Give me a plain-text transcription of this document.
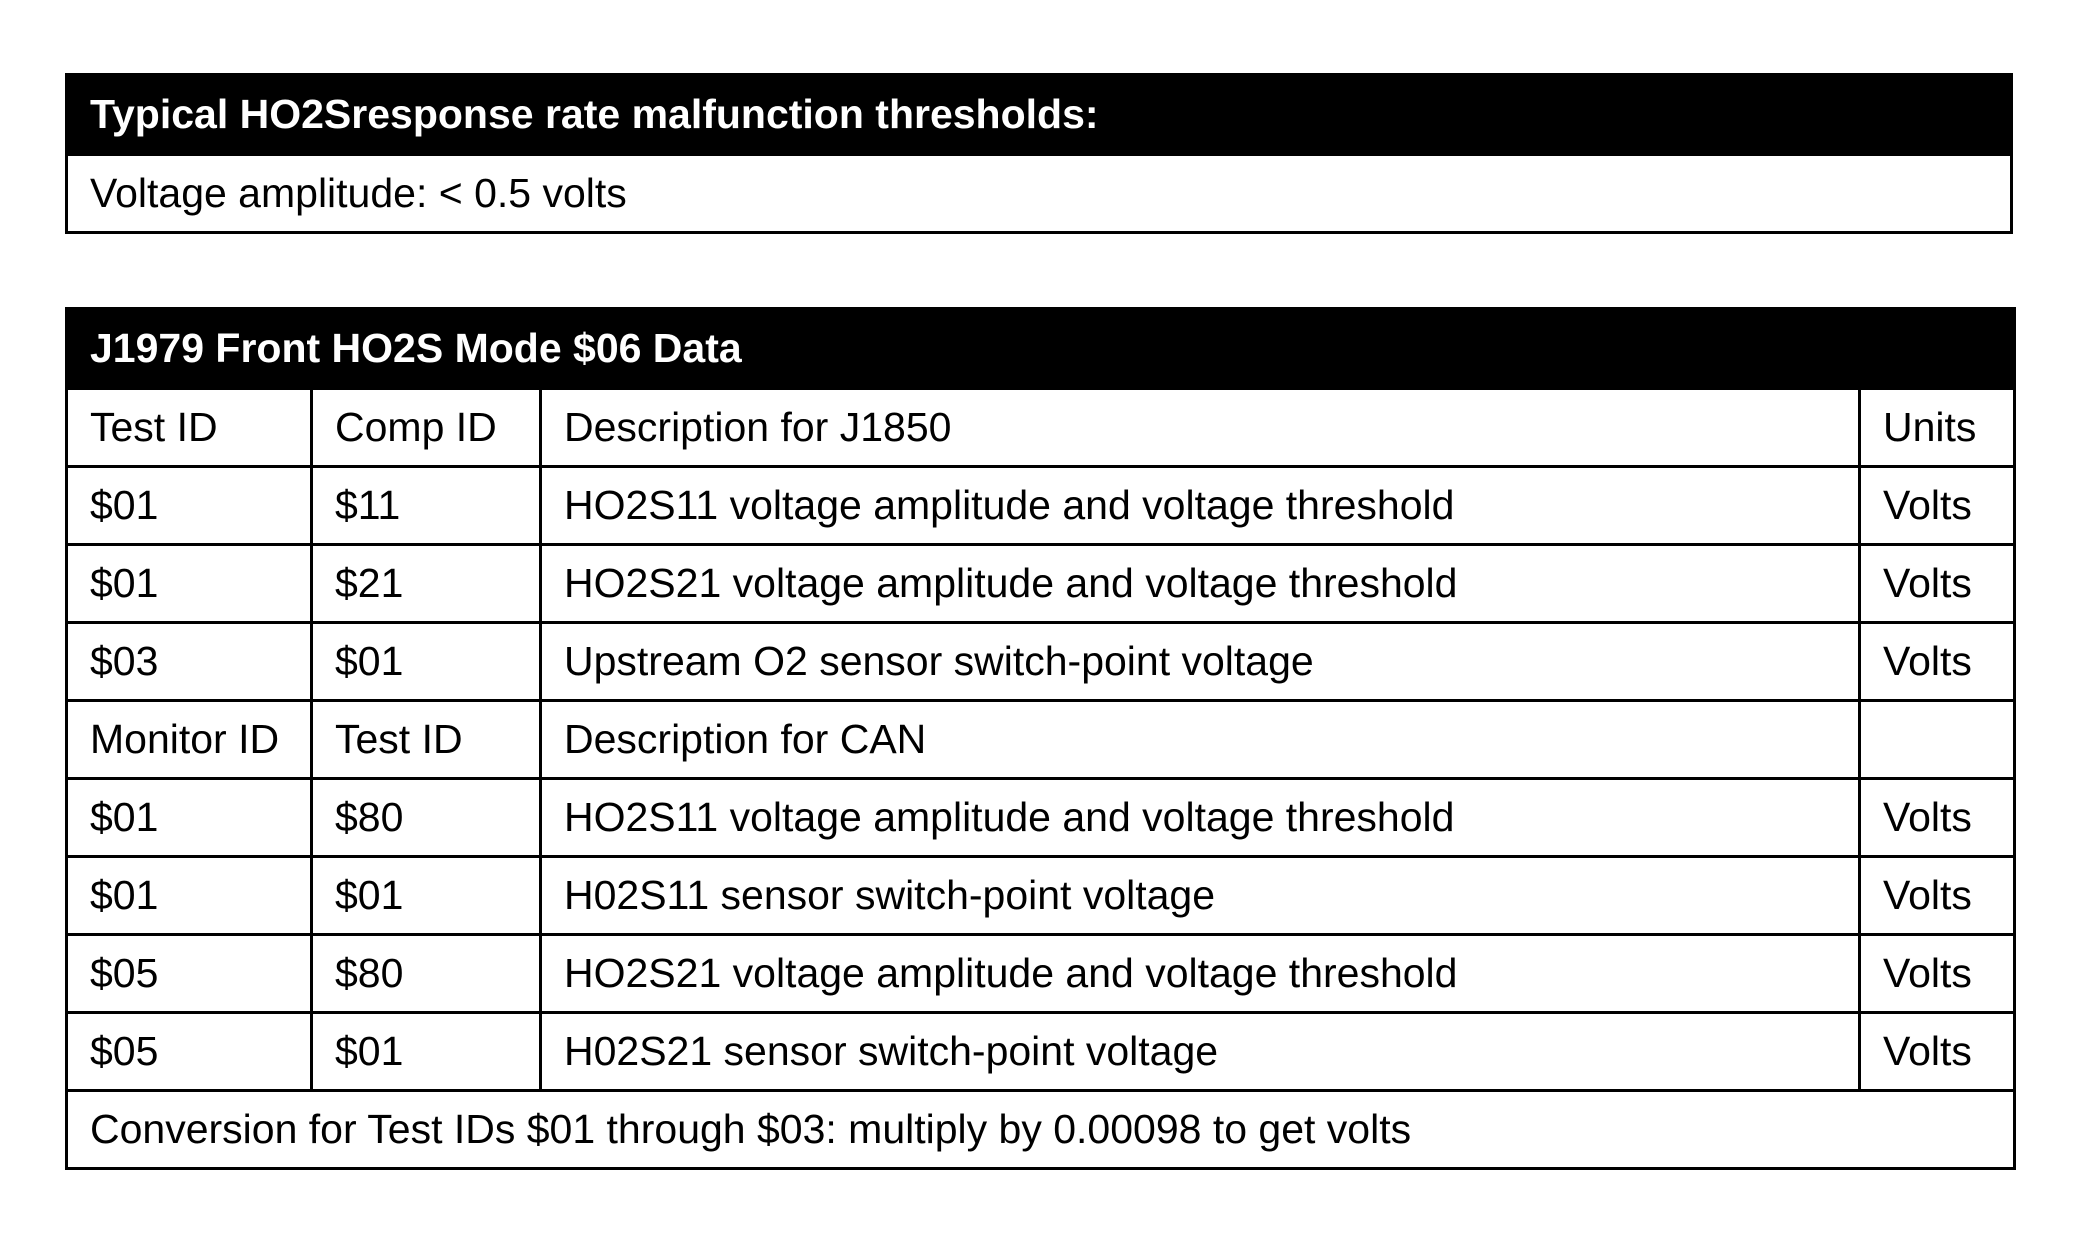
Typical HO2Sresponse rate malfunction thresholds:
Voltage amplitude: < 0.5 volts
J1979 Front HO2S Mode $06 Data			
Test ID	Comp ID	Description for J1850	Units
$01	$11	HO2S11 voltage amplitude and voltage threshold	Volts
$01	$21	HO2S21 voltage amplitude and voltage threshold	Volts
$03	$01	Upstream O2 sensor switch-point voltage	Volts
Monitor ID	Test ID	Description for CAN	
$01	$80	HO2S11 voltage amplitude and voltage threshold	Volts
$01	$01	H02S11 sensor switch-point voltage	Volts
$05	$80	HO2S21 voltage amplitude and voltage threshold	Volts
$05	$01	H02S21 sensor switch-point voltage	Volts
Conversion for Test IDs $01 through $03: multiply by 0.00098 to get volts			
